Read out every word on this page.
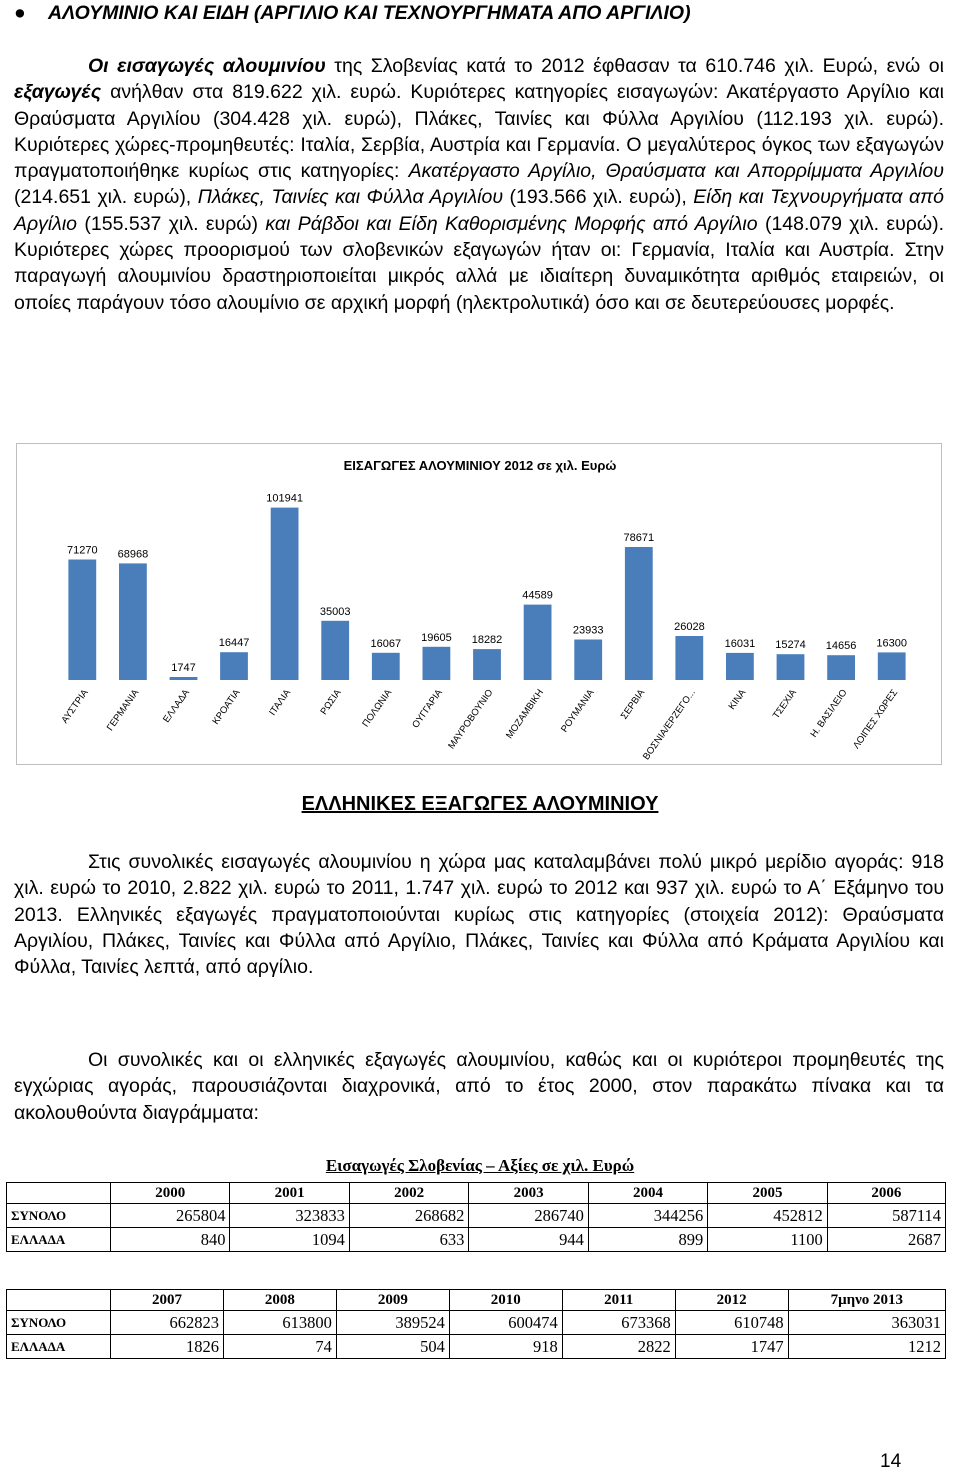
● ΑΛΟΥΜΙΝΙΟ ΚΑΙ ΕΙΔΗ (ΑΡΓΙΛΙΟ ΚΑΙ ΤΕΧΝΟΥΡΓΗΜΑΤΑ ΑΠΟ ΑΡΓΙΛΙΟ)
Οι εισαγωγές αλουμινίου της Σλοβενίας κατά το 2012 έφθασαν τα 610.746 χιλ. Ευρώ, ενώ οι εξαγωγές ανήλθαν στα 819.622 χιλ. ευρώ. Κυριότερες κατηγορίες εισαγωγών: Ακατέργαστο Αργίλιο και Θραύσματα Αργιλίου (304.428 χιλ. ευρώ), Πλάκες, Ταινίες και Φύλλα Αργιλίου (112.193 χιλ. ευρώ). Κυριότερες χώρες-προμηθευτές: Ιταλία, Σερβία, Αυστρία και Γερμανία. Ο μεγαλύτερος όγκος των εξαγωγών πραγματοποιήθηκε κυρίως στις κατηγορίες: Ακατέργαστο Αργίλιο, Θραύσματα και Απορρίμματα Αργιλίου (214.651 χιλ. ευρώ), Πλάκες, Ταινίες και Φύλλα Αργιλίου (193.566 χιλ. ευρώ), Είδη και Τεχνουργήματα από Αργίλιο (155.537 χιλ. ευρώ) και Ράβδοι και Είδη Καθορισμένης Μορφής από Αργίλιο (148.079 χιλ. ευρώ). Κυριότερες χώρες προορισμού των σλοβενικών εξαγωγών ήταν οι: Γερμανία, Ιταλία και Αυστρία. Στην παραγωγή αλουμινίου δραστηριοποιείται μικρός αλλά με ιδιαίτερη δυναμικότητα αριθμός εταιρειών, οι οποίες παράγουν τόσο αλουμίνιο σε αρχική μορφή (ηλεκτρολυτικά) όσο και σε δευτερεύουσες μορφές.
ΕΙΣΑΓΩΓΕΣ ΑΛΟΥΜΙΝΙΟΥ 2012 σε χιλ. Ευρώ
71270
ΑΥΣΤΡΙΑ
68968
ΓΕΡΜΑΝΙΑ
1747
ΕΛΛΑΔΑ
16447
ΚΡΟΑΤΙΑ
101941
ΙΤΑΛΙΑ
35003
ΡΩΣΙΑ
16067
ΠΟΛΩΝΙΑ
19605
ΟΥΓΓΑΡΙΑ
18282
ΜΑΥΡΟΒΟΥΝΙΟ
44589
ΜΟΖΑΜΒΙΚΗ
23933
ΡΟΥΜΑΝΙΑ
78671
ΣΕΡΒΙΑ
26028
ΒΟΣΝΙΑ/ΕΡΖΕΓΟ...
16031
ΚΙΝΑ
15274
ΤΣΕΧΙΑ
14656
Η. ΒΑΣΙΛΕΙΟ
16300
ΛΟΙΠΕΣ ΧΩΡΕΣ
ΕΛΛΗΝΙΚΕΣ ΕΞΑΓΩΓΕΣ ΑΛΟΥΜΙΝΙΟΥ
Στις συνολικές εισαγωγές αλουμινίου η χώρα μας καταλαμβάνει πολύ μικρό μερίδιο αγοράς: 918 χιλ. ευρώ το 2010, 2.822 χιλ. ευρώ το 2011, 1.747 χιλ. ευρώ το 2012 και 937 χιλ. ευρώ το Α΄ Εξάμηνο του 2013. Ελληνικές εξαγωγές πραγματοποιούνται κυρίως στις κατηγορίες (στοιχεία 2012): Θραύσματα Αργιλίου, Πλάκες, Ταινίες και Φύλλα από Αργίλιο, Πλάκες, Ταινίες και Φύλλα από Κράματα Αργιλίου και Φύλλα, Ταινίες λεπτά, από αργίλιο.
Οι συνολικές και οι ελληνικές εξαγωγές αλουμινίου, καθώς και οι κυριότεροι προμηθευτές της εγχώριας αγοράς, παρουσιάζονται διαχρονικά, από το έτος 2000, στον παρακάτω πίνακα και τα ακολουθούντα διαγράμματα:
Εισαγωγές Σλοβενίας – Αξίες σε χιλ. Ευρώ
	2000	2001	2002	2003	2004	2005	2006
ΣΥΝΟΛΟ	265804	323833	268682	286740	344256	452812	587114
ΕΛΛΑΔΑ	840	1094	633	944	899	1100	2687
	2007	2008	2009	2010	2011	2012	7μηνο 2013
ΣΥΝΟΛΟ	662823	613800	389524	600474	673368	610748	363031
ΕΛΛΑΔΑ	1826	74	504	918	2822	1747	1212
14
